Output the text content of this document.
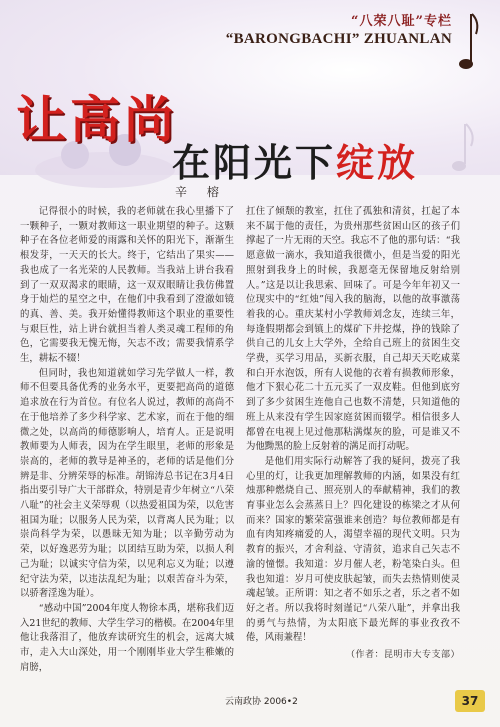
“八荣八耻”专栏
“BARONGBACHI” ZHUANLAN
让高尚
在阳光下绽放
辛 榕

记得很小的时候，我的老师就在我心里播下了一颗种子，一颗对教师这一职业期望的种子。这颗种子在各位老师爱的雨露和关怀的阳光下，渐渐生根发芽，一天天的长大。终于，它结出了果实——我也成了一名光荣的人民教师。当我站上讲台我看到了一双双渴求的眼睛，这一双双眼睛让我仿佛置身于灿烂的星空之中，在他们中我看到了澄澈如镜的真、善、美。我开始懂得教师这个职业的重要性与艰巨性，站上讲台就担当着人类灵魂工程师的角色，它需要我无愧无悔，矢志不改；需要我情系学生，耕耘不辍！

但同时，我也知道就如学习先学做人一样，教师不但要具备优秀的业务水平，更要把高尚的道德追求放在行为首位。有位名人说过，教师的高尚不在于他培养了多少科学家、艺术家，而在于他的细微之处，以高尚的师德影响人，培育人。正是说明教师要为人师表，因为在学生眼里，老师的形象是崇高的，老师的教导是神圣的，老师的话是他们分辨是非、分辨荣辱的标准。胡锦涛总书记在3月4日指出要引导广大干部群众，特别是青少年树立“八荣八耻”的社会主义荣辱观（以热爱祖国为荣，以危害祖国为耻；以服务人民为荣，以背离人民为耻；以崇尚科学为荣，以愚昧无知为耻；以辛勤劳动为荣，以好逸恶劳为耻；以团结互助为荣，以损人利己为耻；以诚实守信为荣，以见利忘义为耻；以遵纪守法为荣，以违法乱纪为耻；以艰苦奋斗为荣，以骄奢淫逸为耻）。

“感动中国”2004年度人物徐本禹，堪称我们迈入21世纪的教师、大学生学习的楷模。在2004年里他让我落泪了，他放弃读研究生的机会，远离大城市，走入大山深处，用一个刚刚毕业大学生稚嫩的肩膀，

扛住了倾颓的教室，扛住了孤独和清贫，扛起了本来不属于他的责任，为贵州那些贫困山区的孩子们撑起了一片无雨的天空。我忘不了他的那句话：“我愿意做一滴水，我知道我很微小，但是当爱的阳光照射到我身上的时候，我愿毫无保留地反射给别人。”这是以让我思索、回味了。可是今年年初又一位现实中的“红烛”闯入我的脑海，以他的故事激荡着我的心。重庆某村小学教师刘念友，连续三年，每逢假期都会到镇上的煤矿下井挖煤，挣的钱除了供自己的儿女上大学外，全给自己班上的贫困生交学费，买学习用品，买新衣服，自己却天天吃咸菜和白开水泡饭，所有人说他的衣着有损教师形象，他才下狠心花二十五元买了一双皮鞋。但他到底穷到了多少贫困生连他自己也数不清楚，只知道他的班上从来没有学生因家庭贫困而辍学。相信很多人都曾在电视上见过他那粘满煤灰的脸，可是谁又不为他黝黑的脸上反射着的满足而打动呢。

是他们用实际行动解答了我的疑问，拨亮了我心里的灯，让我更加理解教师的内涵，如果没有红烛那种燃烧自己、照亮别人的奉献精神，我们的教育事业怎么会蒸蒸日上？四化建设的栋梁之才从何而来？国家的繁荣富强谁来创造？每位教师都是有血有肉知疼痛爱的人，渴望幸福的现代文明。只为教育的振兴，才舍利益、守清贫，追求自己矢志不渝的憧憬。我知道：岁月催人老，粉笔染白头。但我也知道：岁月可使皮肤起皱，而失去热情则使灵魂起皱。正所谓：知之者不如乐之者，乐之者不如好之者。所以我将时刻谨记“八荣八耻”，并拿出我的勇气与热情，为太阳底下最光辉的事业孜孜不倦，风雨兼程！

（作者：昆明市大专支部）
云南政协 2006•2	37
